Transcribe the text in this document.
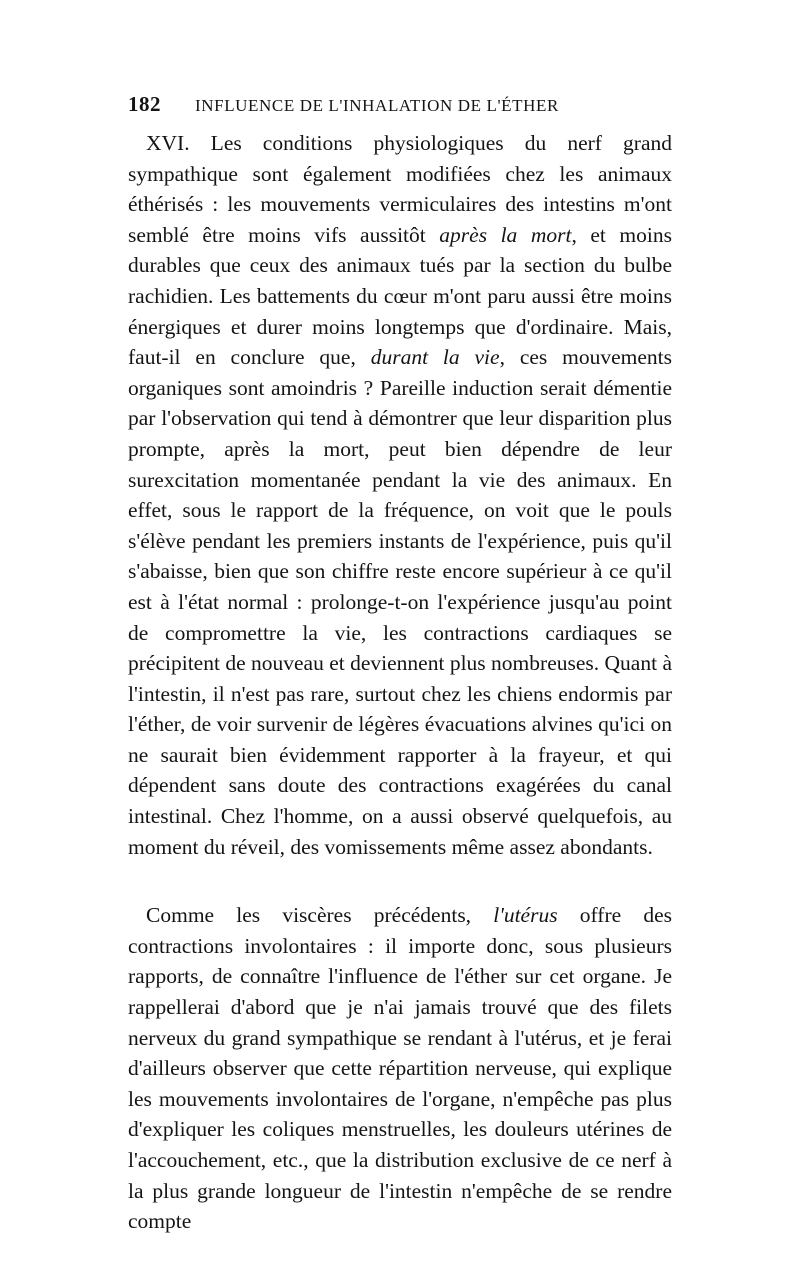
182 INFLUENCE DE L'INHALATION DE L'ÉTHER

XVI. Les conditions physiologiques du nerf grand sympathique sont également modifiées chez les animaux éthérisés : les mouvements vermiculaires des intestins m'ont semblé être moins vifs aussitôt après la mort, et moins durables que ceux des animaux tués par la section du bulbe rachidien. Les battements du cœur m'ont paru aussi être moins énergiques et durer moins longtemps que d'ordinaire. Mais, faut-il en conclure que, durant la vie, ces mouvements organiques sont amoindris ? Pareille induction serait démentie par l'observation qui tend à démontrer que leur disparition plus prompte, après la mort, peut bien dépendre de leur surexcitation momentanée pendant la vie des animaux. En effet, sous le rapport de la fréquence, on voit que le pouls s'élève pendant les premiers instants de l'expérience, puis qu'il s'abaisse, bien que son chiffre reste encore supérieur à ce qu'il est à l'état normal : prolonge-t-on l'expérience jusqu'au point de compromettre la vie, les contractions cardiaques se précipitent de nouveau et deviennent plus nombreuses. Quant à l'intestin, il n'est pas rare, surtout chez les chiens endormis par l'éther, de voir survenir de légères évacuations alvines qu'ici on ne saurait bien évidemment rapporter à la frayeur, et qui dépendent sans doute des contractions exagérées du canal intestinal. Chez l'homme, on a aussi observé quelquefois, au moment du réveil, des vomissements même assez abondants.

Comme les viscères précédents, l'utérus offre des contractions involontaires : il importe donc, sous plusieurs rapports, de connaître l'influence de l'éther sur cet organe. Je rappellerai d'abord que je n'ai jamais trouvé que des filets nerveux du grand sympathique se rendant à l'utérus, et je ferai d'ailleurs observer que cette répartition nerveuse, qui explique les mouvements involontaires de l'organe, n'empêche pas plus d'expliquer les coliques menstruelles, les douleurs utérines de l'accouchement, etc., que la distribution exclusive de ce nerf à la plus grande longueur de l'intestin n'empêche de se rendre compte
